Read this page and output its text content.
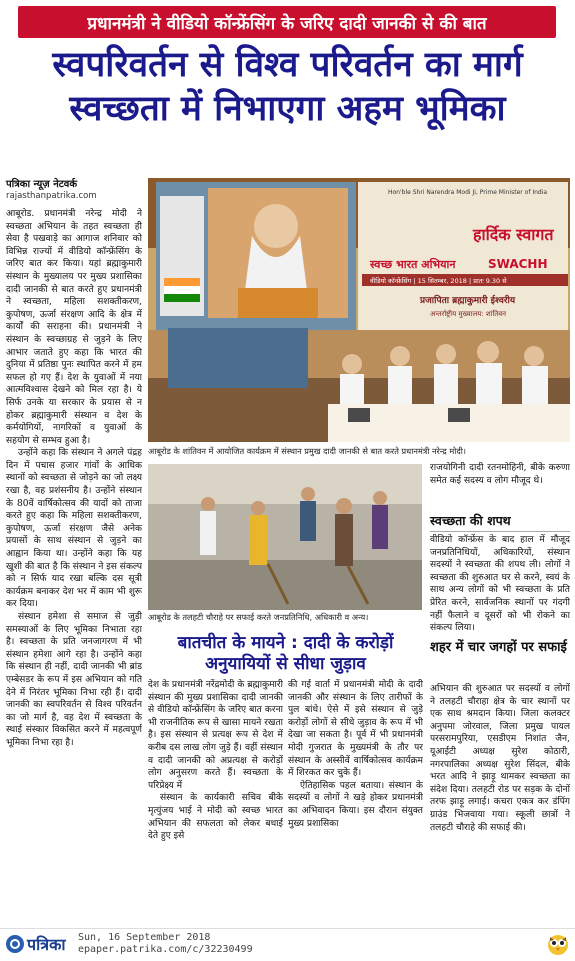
प्रधानमंत्री ने वीडियो कॉन्फ्रेंसिंग के जरिए दादी जानकी से की बात
स्वपरिवर्तन से विश्व परिवर्तन का मार्ग
स्वच्छता में निभाएगा अहम भूमिका
पत्रिका न्यूज़ नेटवर्क
rajasthanpatrika.com

आबूरोड. प्रधानमंत्री नरेन्द्र मोदी ने स्वच्छता अभियान के तहत स्वच्छता ही सेवा है पखवाड़े का आगाज शनिवार को विभिन्न राज्यों में वीडियो कॉन्फ्रेंसिंग के जरिए बात कर किया। यहां ब्रह्माकुमारी संस्थान के मुख्यालय पर मुख्य प्रशासिका दादी जानकी से बात करते हुए प्रधानमंत्री ने स्वच्छता, महिला सशक्तीकरण, कुपोषण, ऊर्जा संरक्षण आदि के क्षेत्र में कार्यों की सराहना की। प्रधानमंत्री ने संस्थान के स्वच्छाग्रह से जुड़ने के लिए आभार जताते हुए कहा कि भारत की दुनिया में प्रतिष्ठा पुनः स्थापित करने में हम सफल हो गए हैं। देश के युवाओं में नया आत्मविश्वास देखने को मिल रहा है। ये सिर्फ उनके या सरकार के प्रयास से न होकर ब्रह्माकुमारी संस्थान व देश के कर्मयोगियों, नागरिकों व युवाओं के सहयोग से सम्भव हुआ है।

उन्होंने कहा कि संस्थान ने अगले पंद्रह दिन में पचास हजार गांवों के आधिक स्थानों को स्वच्छता से जोड़ने का जो लक्ष्य रखा है, वह प्रशंसनीय है। उन्होंने संस्थान के 80वें वार्षिकोत्सव की यादों को ताजा करते हुए कहा कि महिला सशक्तीकरण, कुपोषण, ऊर्जा संरक्षण जैसे अनेक प्रयासों के साथ संस्थान से जुड़ने का आह्वान किया था। उन्होंने कहा कि यह खुशी की बात है कि संस्थान ने इस संकल्प को न सिर्फ याद रखा बल्कि दस सूत्री कार्यक्रम बनाकर देश भर में काम भी शुरू कर दिया।

संस्थान हमेशा से समाज से जुड़ी समस्याओं के लिए भूमिका निभाता रहा है। स्वच्छता के प्रति जनजागरण में भी संस्थान हमेशा आगे रहा है। उन्होंने कहा कि संस्थान ही नहीं, दादी जानकी भी ब्रांड एम्बेसडर के रूप में इस अभियान को गति देने में निरंतर भूमिका निभा रही हैं। दादी जानकी का स्वपरिवर्तन से विश्व परिवर्तन का जो मार्ग है, वह देश में स्वच्छता के स्थाई संस्कार विकसित करने में महत्वपूर्ण भूमिका निभा रहा है।

Hon'ble Shri Narendra Modi Ji, Prime Minister of India
हार्दिक स्वागत
स्वच्छ भारत अभियान	SWACHH
वीडियो कॉन्फ्रेंसिंग | 15 सितम्बर, 2018 | प्रातः 9.30 से
प्रजापिता ब्रह्माकुमारी ईश्वरीय
अन्तर्राष्ट्रीय मुख्यालय: शांतिवन
आबूरोड के शांतिवन में आयोजित कार्यक्रम में संस्थान प्रमुख दादी जानकी से बात करते प्रधानमंत्री नरेन्द्र मोदी।
आबूरोड के तलहटी चौराहे पर सफाई करते जनप्रतिनिधि, अधिकारी व अन्य।

राजयोगिनी दादी रतनमोहिनी, बीके करुणा समेत कई सदस्य व लोग मौजूद थे।

स्वच्छता की शपथ

वीडियो कॉन्फ्रेंस के बाद हाल में मौजूद जनप्रतिनिधियों, अधिकारियों, संस्थान सदस्यों ने स्वच्छता की शपथ ली। लोगों ने स्वच्छता की शुरुआत घर से करने, स्वयं के साथ अन्य लोगों को भी स्वच्छता के प्रति प्रेरित करने, सार्वजनिक स्थानों पर गंदगी नहीं फैलाने व दूसरों को भी रोकने का संकल्प लिया।

शहर में चार जगहों पर सफाई

अभियान की शुरुआत पर सदस्यों व लोगों ने तलहटी चौराहा क्षेत्र के चार स्थानों पर एक साथ श्रमदान किया। जिला कलक्टर अनुपमा जोरवाल, जिला प्रमुख पायल परसरामपुरिया, एसडीएम निशांत जैन, यूआईटी अध्यक्ष सुरेश कोठारी, नगरपालिका अध्यक्ष सुरेश सिंदल, बीके भरत आदि ने झाड़ू थामकर स्वच्छता का संदेश दिया। तलहटी रोड पर सड़क के दोनों तरफ झाड़ू लगाई। कचरा एकत्र कर डंपिंग ग्राउंड भिजवाया गया। स्कूली छात्रों ने तलहटी चौराहे की सफाई की।

बातचीत के मायने : दादी के करोड़ों अनुयायियों से सीधा जुड़ाव

देश के प्रधानमंत्री नरेंद्रमोदी के ब्रह्माकुमारी संस्थान की मुख्य प्रशासिका दादी जानकी से वीडियो कॉन्फ्रेंसिंग के जरिए बात करना भी राजनीतिक रूप से खासा मायने रखता है। इस संस्थान से प्रत्यक्ष रूप से देश में करीब दस लाख लोग जुड़े हैं। वहीं संस्थान व दादी जानकी को अप्रत्यक्ष से करोड़ों लोग अनुसरण करते हैं। स्वच्छता के परिप्रेक्ष्य में

संस्थान के कार्यकारी सचिव बीके मृत्युंजय भाई ने मोदी को स्वच्छ भारत अभियान की सफलता को लेकर बधाई देते हुए इसे

की गई वार्ता में प्रधानमंत्री मोदी के दादी जानकी और संस्थान के लिए तारीफों के पुल बांधे। ऐसे में इसे संस्थान से जुड़े करोड़ों लोगों से सीधे जुड़ाव के रूप में भी देखा जा सकता है। पूर्व में भी प्रधानमंत्री मोदी गुजरात के मुख्यमंत्री के तौर पर संस्थान के अस्सीवें वार्षिकोत्सव कार्यक्रम में शिरकत कर चुके हैं।

ऐतिहासिक पहल बताया। संस्थान के सदस्यों व लोगों ने खड़े होकर प्रधानमंत्री का अभिवादन किया। इस दौरान संयुक्त मुख्य प्रशासिका

पत्रिका Sun, 16 September 2018
epaper.patrika.com/c/32230499
